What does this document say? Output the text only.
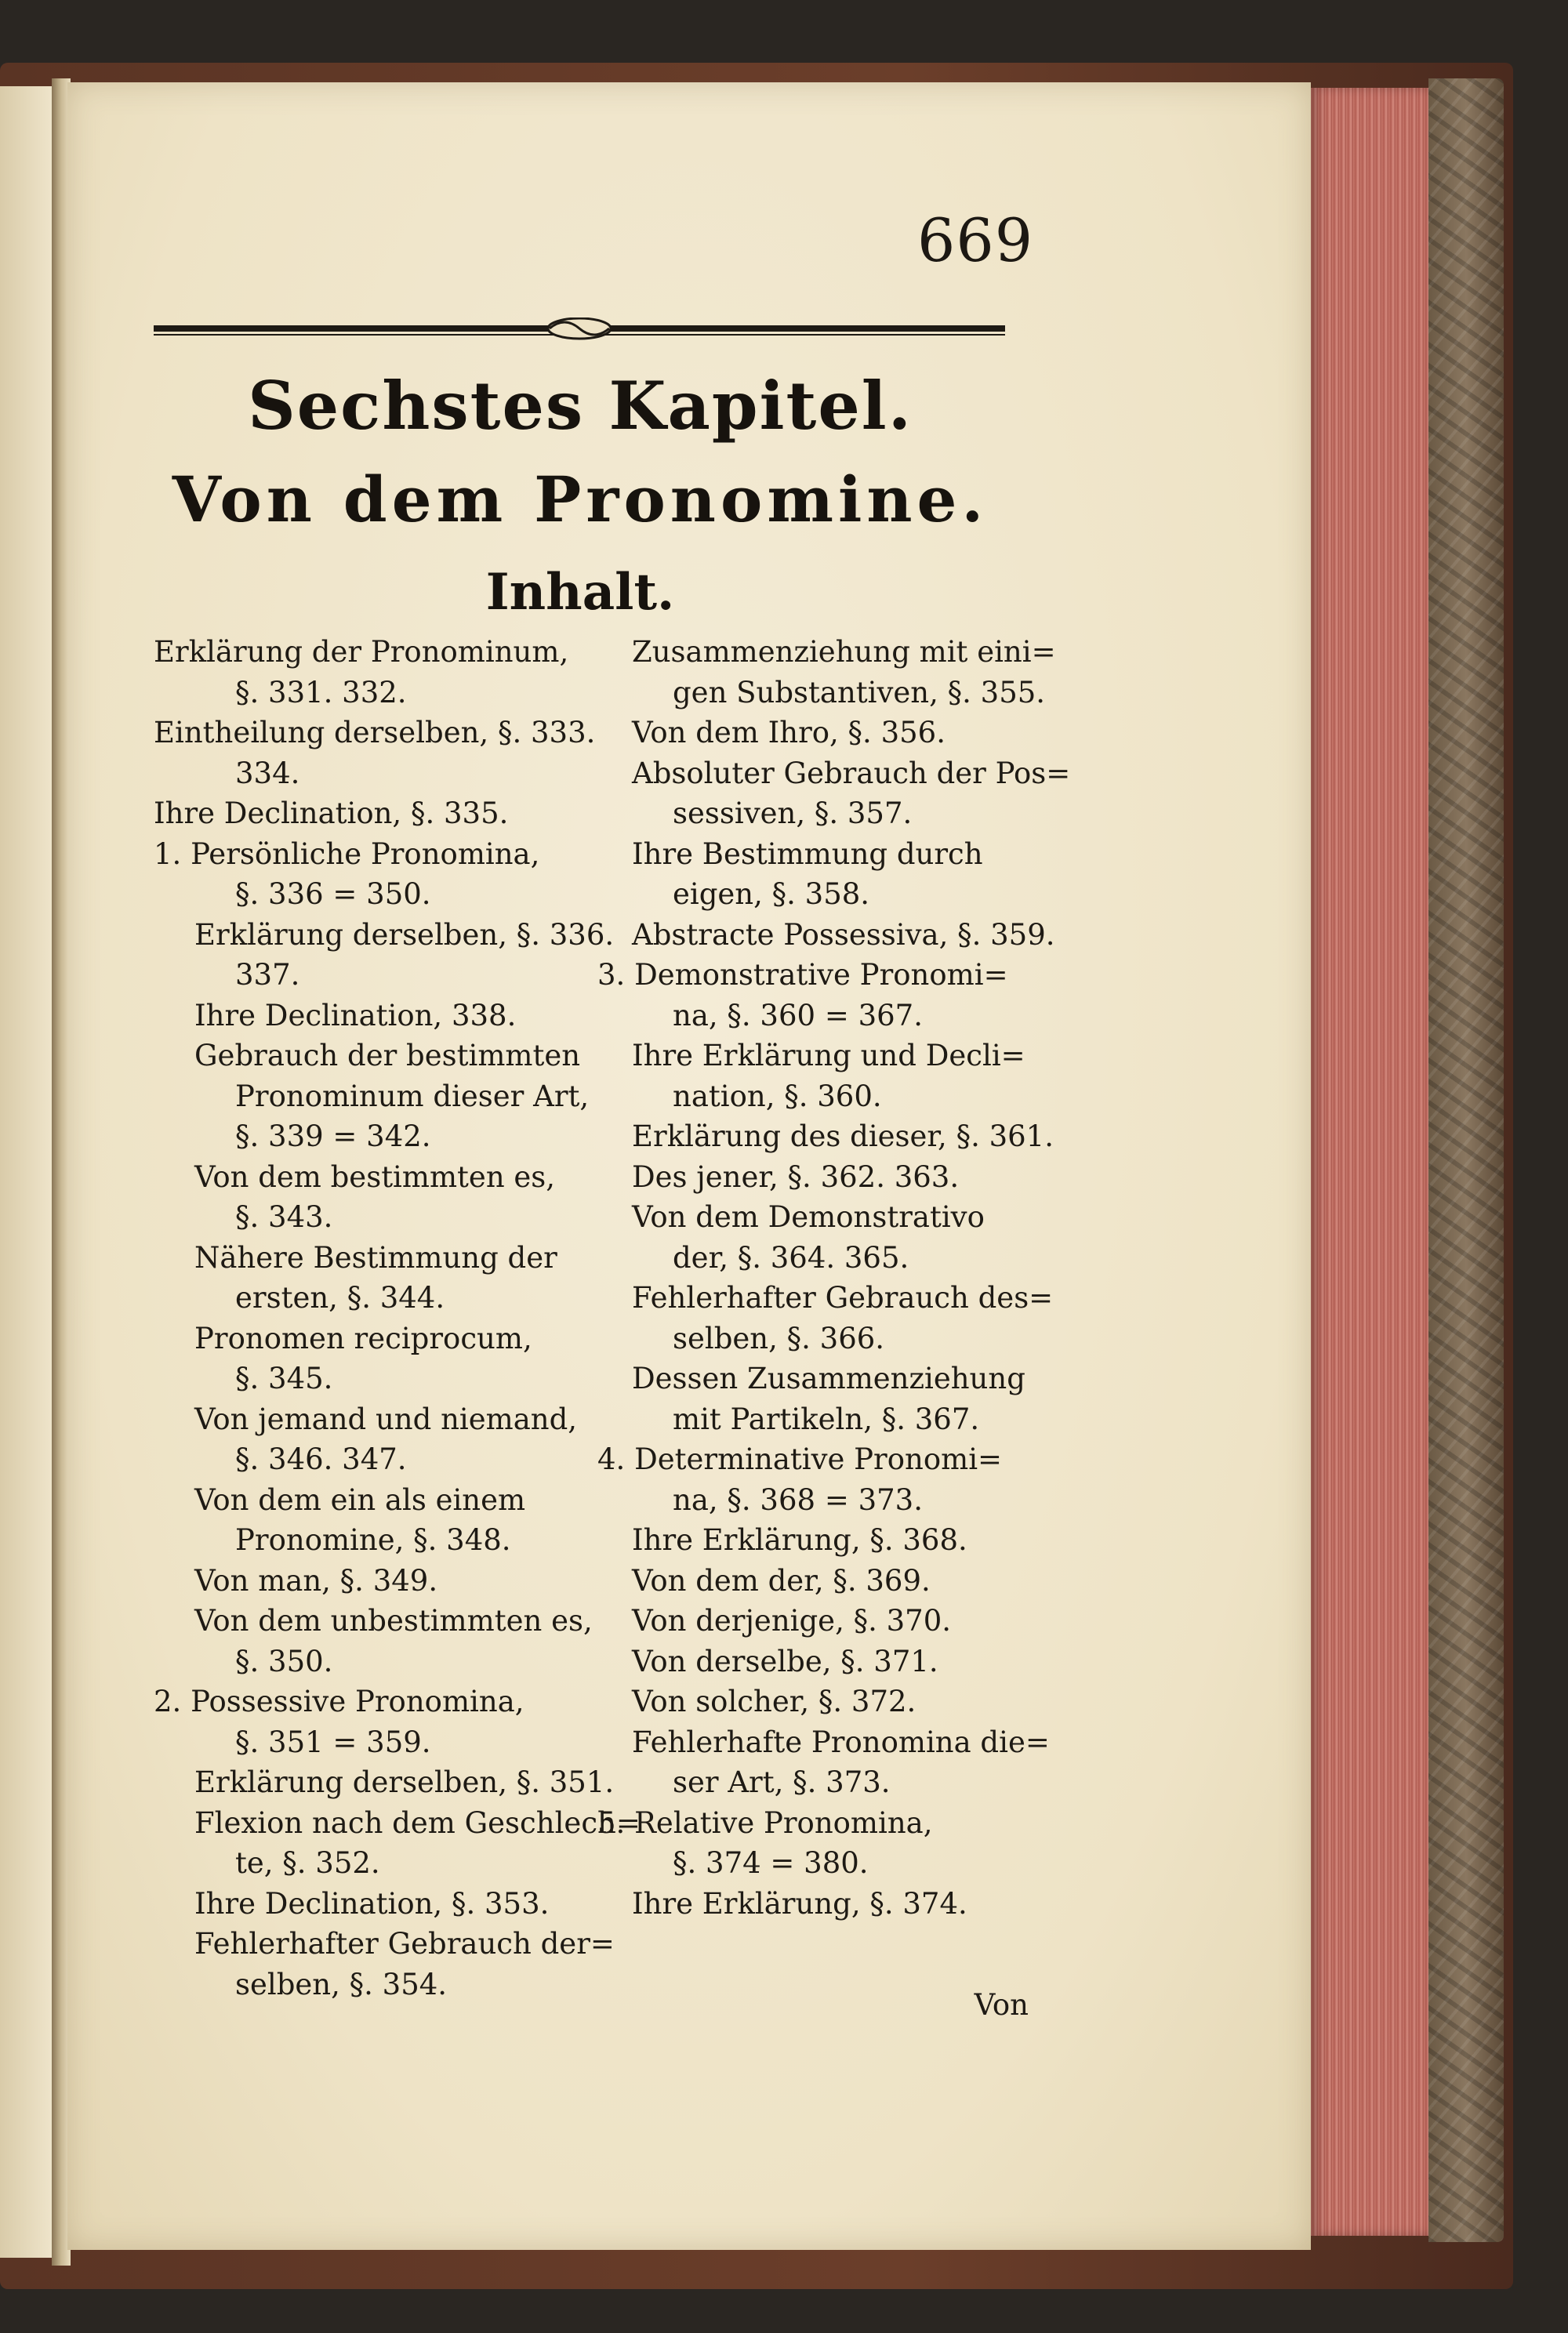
669
Sechstes Kapitel.
Von dem Pronomine.
Inhalt.
Erklärung der Pronominum,
§. 331. 332.
Eintheilung derselben, §. 333.
334.
Ihre Declination, §. 335.
1. Persönliche Pronomina,
§. 336 = 350.
Erklärung derselben, §. 336.
337.
Ihre Declination, 338.
Gebrauch der bestimmten
Pronominum dieser Art,
§. 339 = 342.
Von dem bestimmten es,
§. 343.
Nähere Bestimmung der
ersten, §. 344.
Pronomen reciprocum,
§. 345.
Von jemand und niemand,
§. 346. 347.
Von dem ein als einem
Pronomine, §. 348.
Von man, §. 349.
Von dem unbestimmten es,
§. 350.
2. Possessive Pronomina,
§. 351 = 359.
Erklärung derselben, §. 351.
Flexion nach dem Geschlech=
te, §. 352.
Ihre Declination, §. 353.
Fehlerhafter Gebrauch der=
selben, §. 354.
Zusammenziehung mit eini=
gen Substantiven, §. 355.
Von dem Ihro, §. 356.
Absoluter Gebrauch der Pos=
sessiven, §. 357.
Ihre Bestimmung durch
eigen, §. 358.
Abstracte Possessiva, §. 359.
3. Demonstrative Pronomi=
na, §. 360 = 367.
Ihre Erklärung und Decli=
nation, §. 360.
Erklärung des dieser, §. 361.
Des jener, §. 362. 363.
Von dem Demonstrativo
der, §. 364. 365.
Fehlerhafter Gebrauch des=
selben, §. 366.
Dessen Zusammenziehung
mit Partikeln, §. 367.
4. Determinative Pronomi=
na, §. 368 = 373.
Ihre Erklärung, §. 368.
Von dem der, §. 369.
Von derjenige, §. 370.
Von derselbe, §. 371.
Von solcher, §. 372.
Fehlerhafte Pronomina die=
ser Art, §. 373.
5. Relative Pronomina,
§. 374 = 380.
Ihre Erklärung, §. 374.
Von
